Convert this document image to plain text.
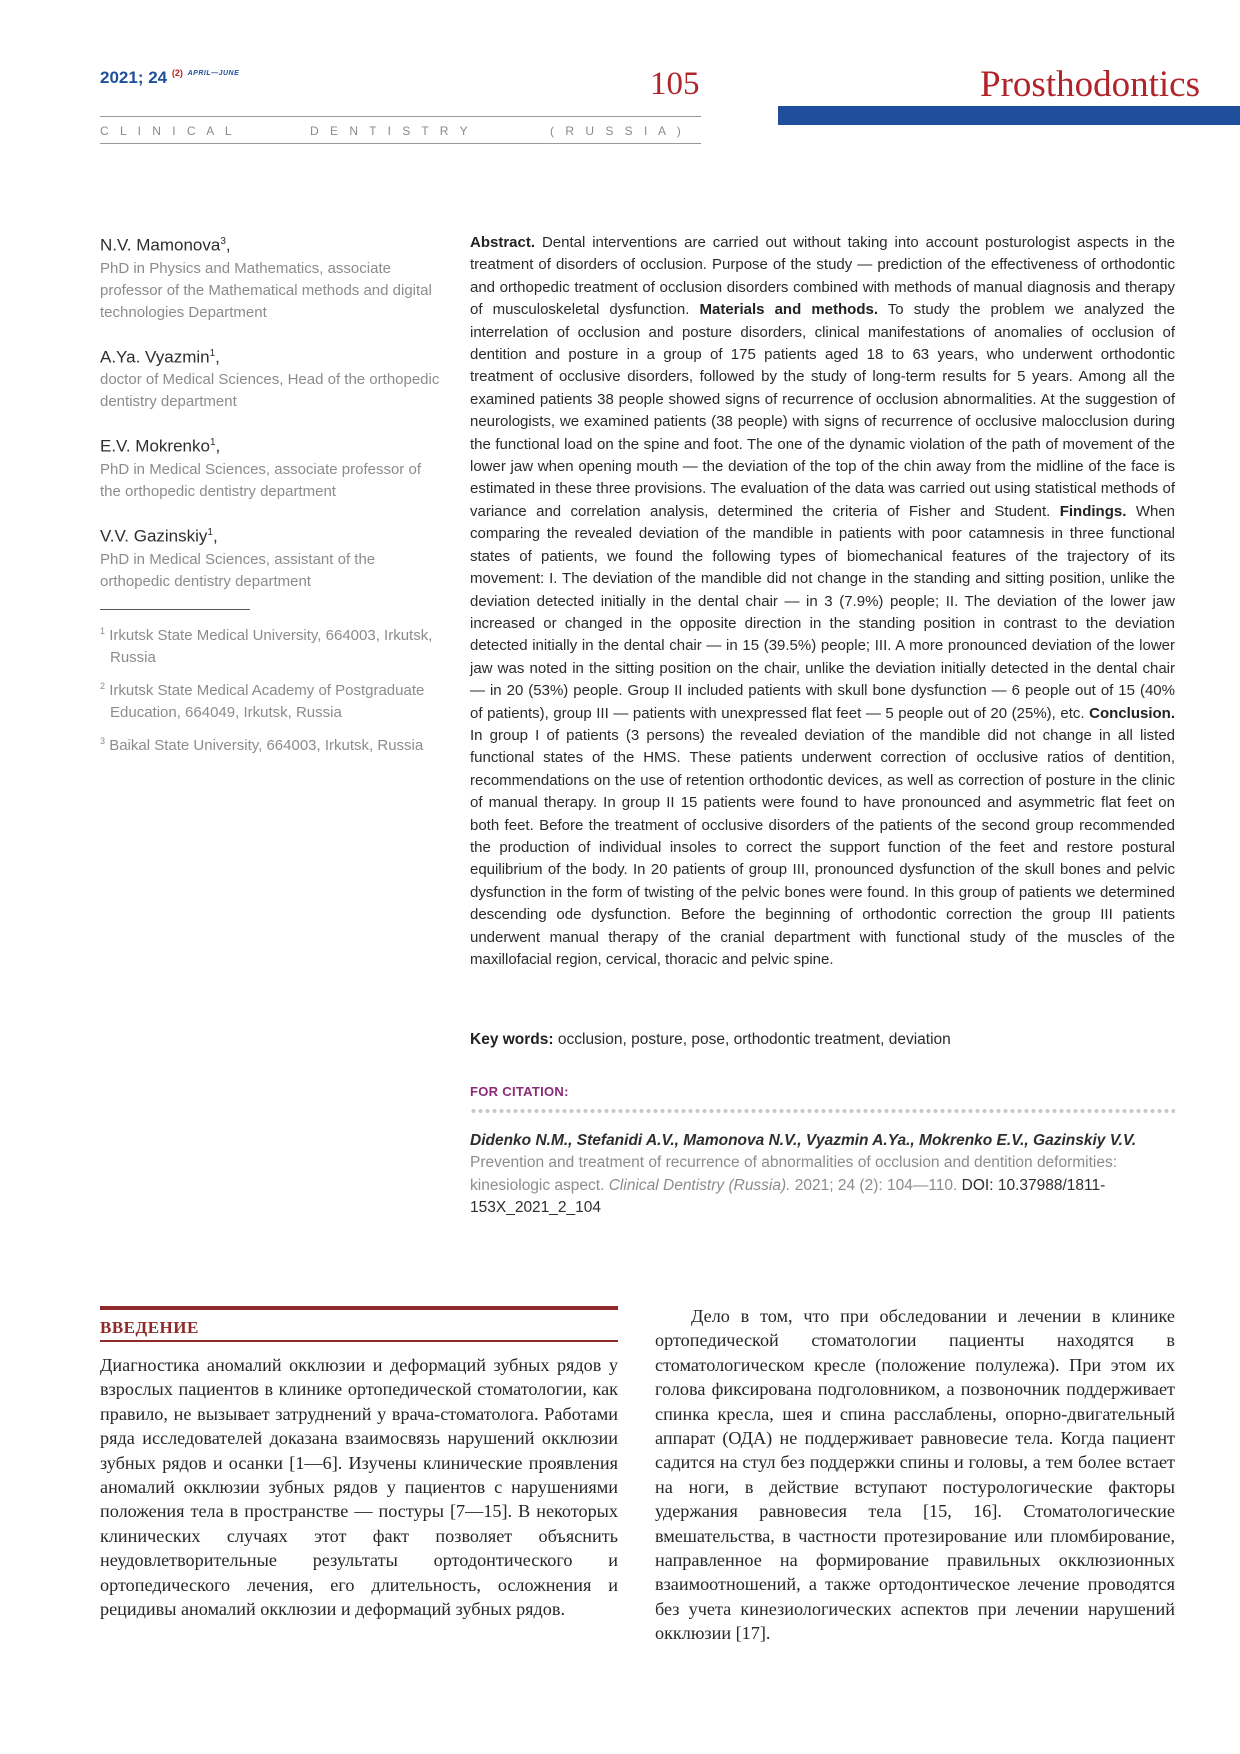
2021; 24 $^{(2)}$ $^{APRIL—JUNE}$	105	Prosthodontics
C L I N I C A L	D E N T I S T R Y	( R U S S I A )
N.V. Mamonova$^3$,
PhD in Physics and Mathematics, associate professor of the Mathematical methods and digital technologies Department
A.Ya. Vyazmin$^1$,
doctor of Medical Sciences, Head of the orthopedic dentistry department
E.V. Mokrenko$^1$,
PhD in Medical Sciences, associate professor of the orthopedic dentistry department
V.V. Gazinskiy$^1$,
PhD in Medical Sciences, assistant of the orthopedic dentistry department
$^1$ Irkutsk State Medical University, 664003, Irkutsk, Russia
$^2$ Irkutsk State Medical Academy of Postgraduate Education, 664049, Irkutsk, Russia
$^3$ Baikal State University, 664003, Irkutsk, Russia
Abstract. Dental interventions are carried out without taking into account posturologist aspects in the treatment of disorders of occlusion. Purpose of the study — prediction of the effectiveness of orthodontic and orthopedic treatment of occlusion disorders combined with methods of manual diagnosis and therapy of musculoskeletal dysfunction. Materials and methods. To study the problem we analyzed the interrelation of occlusion and posture disorders, clinical manifestations of anomalies of occlusion of dentition and posture in a group of 175 patients aged 18 to 63 years, who underwent orthodontic treatment of occlusive disorders, followed by the study of long-term results for 5 years. Among all the examined patients 38 people showed signs of recurrence of occlusion abnormalities. At the suggestion of neurologists, we examined patients (38 people) with signs of recurrence of occlusive malocclusion during the functional load on the spine and foot. The one of the dynamic violation of the path of movement of the lower jaw when opening mouth — the deviation of the top of the chin away from the midline of the face is estimated in these three provisions. The evaluation of the data was carried out using statistical methods of variance and correlation analysis, determined the criteria of Fisher and Student. Findings. When comparing the revealed deviation of the mandible in patients with poor catamnesis in three functional states of patients, we found the following types of biomechanical features of the trajectory of its movement: I. The deviation of the mandible did not change in the standing and sitting position, unlike the deviation detected initially in the dental chair — in 3 (7.9%) people; II. The deviation of the lower jaw increased or changed in the opposite direction in the standing position in contrast to the deviation detected initially in the dental chair — in 15 (39.5%) people; III. A more pronounced deviation of the lower jaw was noted in the sitting position on the chair, unlike the deviation initially detected in the dental chair — in 20 (53%) people. Group II included patients with skull bone dysfunction — 6 people out of 15 (40% of patients), group III — patients with unexpressed flat feet — 5 people out of 20 (25%), etc. Conclusion. In group I of patients (3 persons) the revealed deviation of the mandible did not change in all listed functional states of the HMS. These patients underwent correction of occlusive ratios of dentition, recommendations on the use of retention orthodontic devices, as well as correction of posture in the clinic of manual therapy. In group II 15 patients were found to have pronounced and asymmetric flat feet on both feet. Before the treatment of occlusive disorders of the patients of the second group recommended the production of individual insoles to correct the support function of the feet and restore postural equilibrium of the body. In 20 patients of group III, pronounced dysfunction of the skull bones and pelvic dysfunction in the form of twisting of the pelvic bones were found. In this group of patients we determined descending ode dysfunction. Before the beginning of orthodontic correction the group III patients underwent manual therapy of the cranial department with functional study of the muscles of the maxillofacial region, cervical, thoracic and pelvic spine.
Key words: occlusion, posture, pose, orthodontic treatment, deviation
FOR CITATION:
Didenko N.M., Stefanidi A.V., Mamonova N.V., Vyazmin A.Ya., Mokrenko E.V., Gazinskiy V.V. Prevention and treatment of recurrence of abnormalities of occlusion and dentition deformities: kinesiologic aspect. Clinical Dentistry (Russia). 2021; 24 (2): 104—110. DOI: 10.37988/1811-153X_2021_2_104
ВВЕДЕНИЕ
Диагностика аномалий окклюзии и деформаций зубных рядов у взрослых пациентов в клинике ортопедической стоматологии, как правило, не вызывает затруднений у врача-стоматолога. Работами ряда исследователей доказана взаимосвязь нарушений окклюзии зубных рядов и осанки [1—6]. Изучены клинические проявления аномалий окклюзии зубных рядов у пациентов с нарушениями положения тела в пространстве — постуры [7—15]. В некоторых клинических случаях этот факт позволяет объяснить неудовлетворительные результаты ортодонтического и ортопедического лечения, его длительность, осложнения и рецидивы аномалий окклюзии и деформаций зубных рядов.
Дело в том, что при обследовании и лечении в клинике ортопедической стоматологии пациенты находятся в стоматологическом кресле (положение полулежа). При этом их голова фиксирована подголовником, а позвоночник поддерживает спинка кресла, шея и спина расслаблены, опорно-двигательный аппарат (ОДА) не поддерживает равновесие тела. Когда пациент садится на стул без поддержки спины и головы, а тем более встает на ноги, в действие вступают постурологические факторы удержания равновесия тела [15, 16]. Стоматологические вмешательства, в частности протезирование или пломбирование, направленное на формирование правильных окклюзионных взаимоотношений, а также ортодонтическое лечение проводятся без учета кинезиологических аспектов при лечении нарушений окклюзии [17].
